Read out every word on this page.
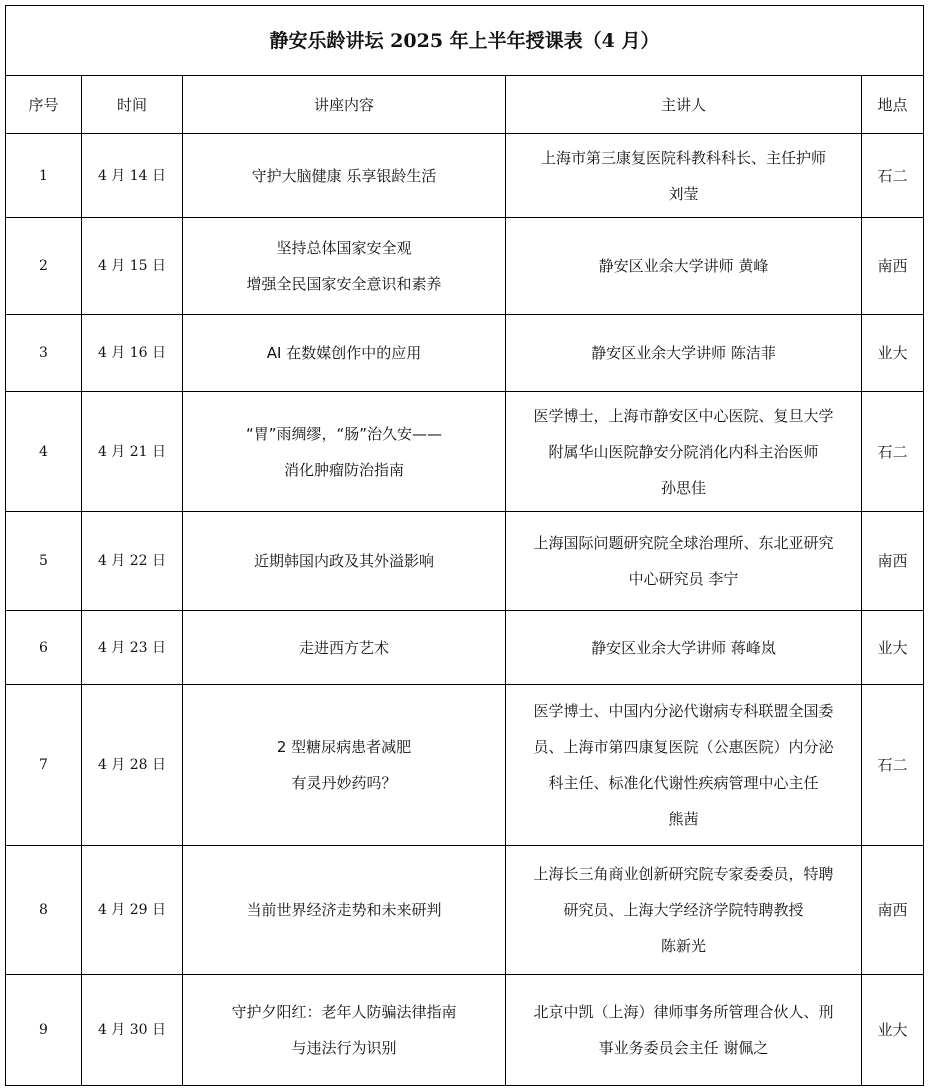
静安乐龄讲坛 2025 年上半年授课表（4 月）				
序号	时间	讲座内容	主讲人	地点
1	4 月 14 日	守护大脑健康 乐享银龄生活	上海市第三康复医院科教科科长、主任护师
刘莹	石二
2	4 月 15 日	坚持总体国家安全观
增强全民国家安全意识和素养	静安区业余大学讲师 黄峰	南西
3	4 月 16 日	AI 在数媒创作中的应用	静安区业余大学讲师 陈洁菲	业大
4	4 月 21 日	“胃”雨绸缪，“肠”治久安——
消化肿瘤防治指南	医学博士，上海市静安区中心医院、复旦大学
附属华山医院静安分院消化内科主治医师
孙思佳	石二
5	4 月 22 日	近期韩国内政及其外溢影响	上海国际问题研究院全球治理所、东北亚研究
中心研究员 李宁	南西
6	4 月 23 日	走进西方艺术	静安区业余大学讲师 蒋峰岚	业大
7	4 月 28 日	2 型糖尿病患者减肥
有灵丹妙药吗？	医学博士、中国内分泌代谢病专科联盟全国委
员、上海市第四康复医院（公惠医院）内分泌
科主任、标准化代谢性疾病管理中心主任
熊茜	石二
8	4 月 29 日	当前世界经济走势和未来研判	上海长三角商业创新研究院专家委委员，特聘
研究员、上海大学经济学院特聘教授
陈新光	南西
9	4 月 30 日	守护夕阳红：老年人防骗法律指南
与违法行为识别	北京中凯（上海）律师事务所管理合伙人、刑
事业务委员会主任 谢佩之	业大
